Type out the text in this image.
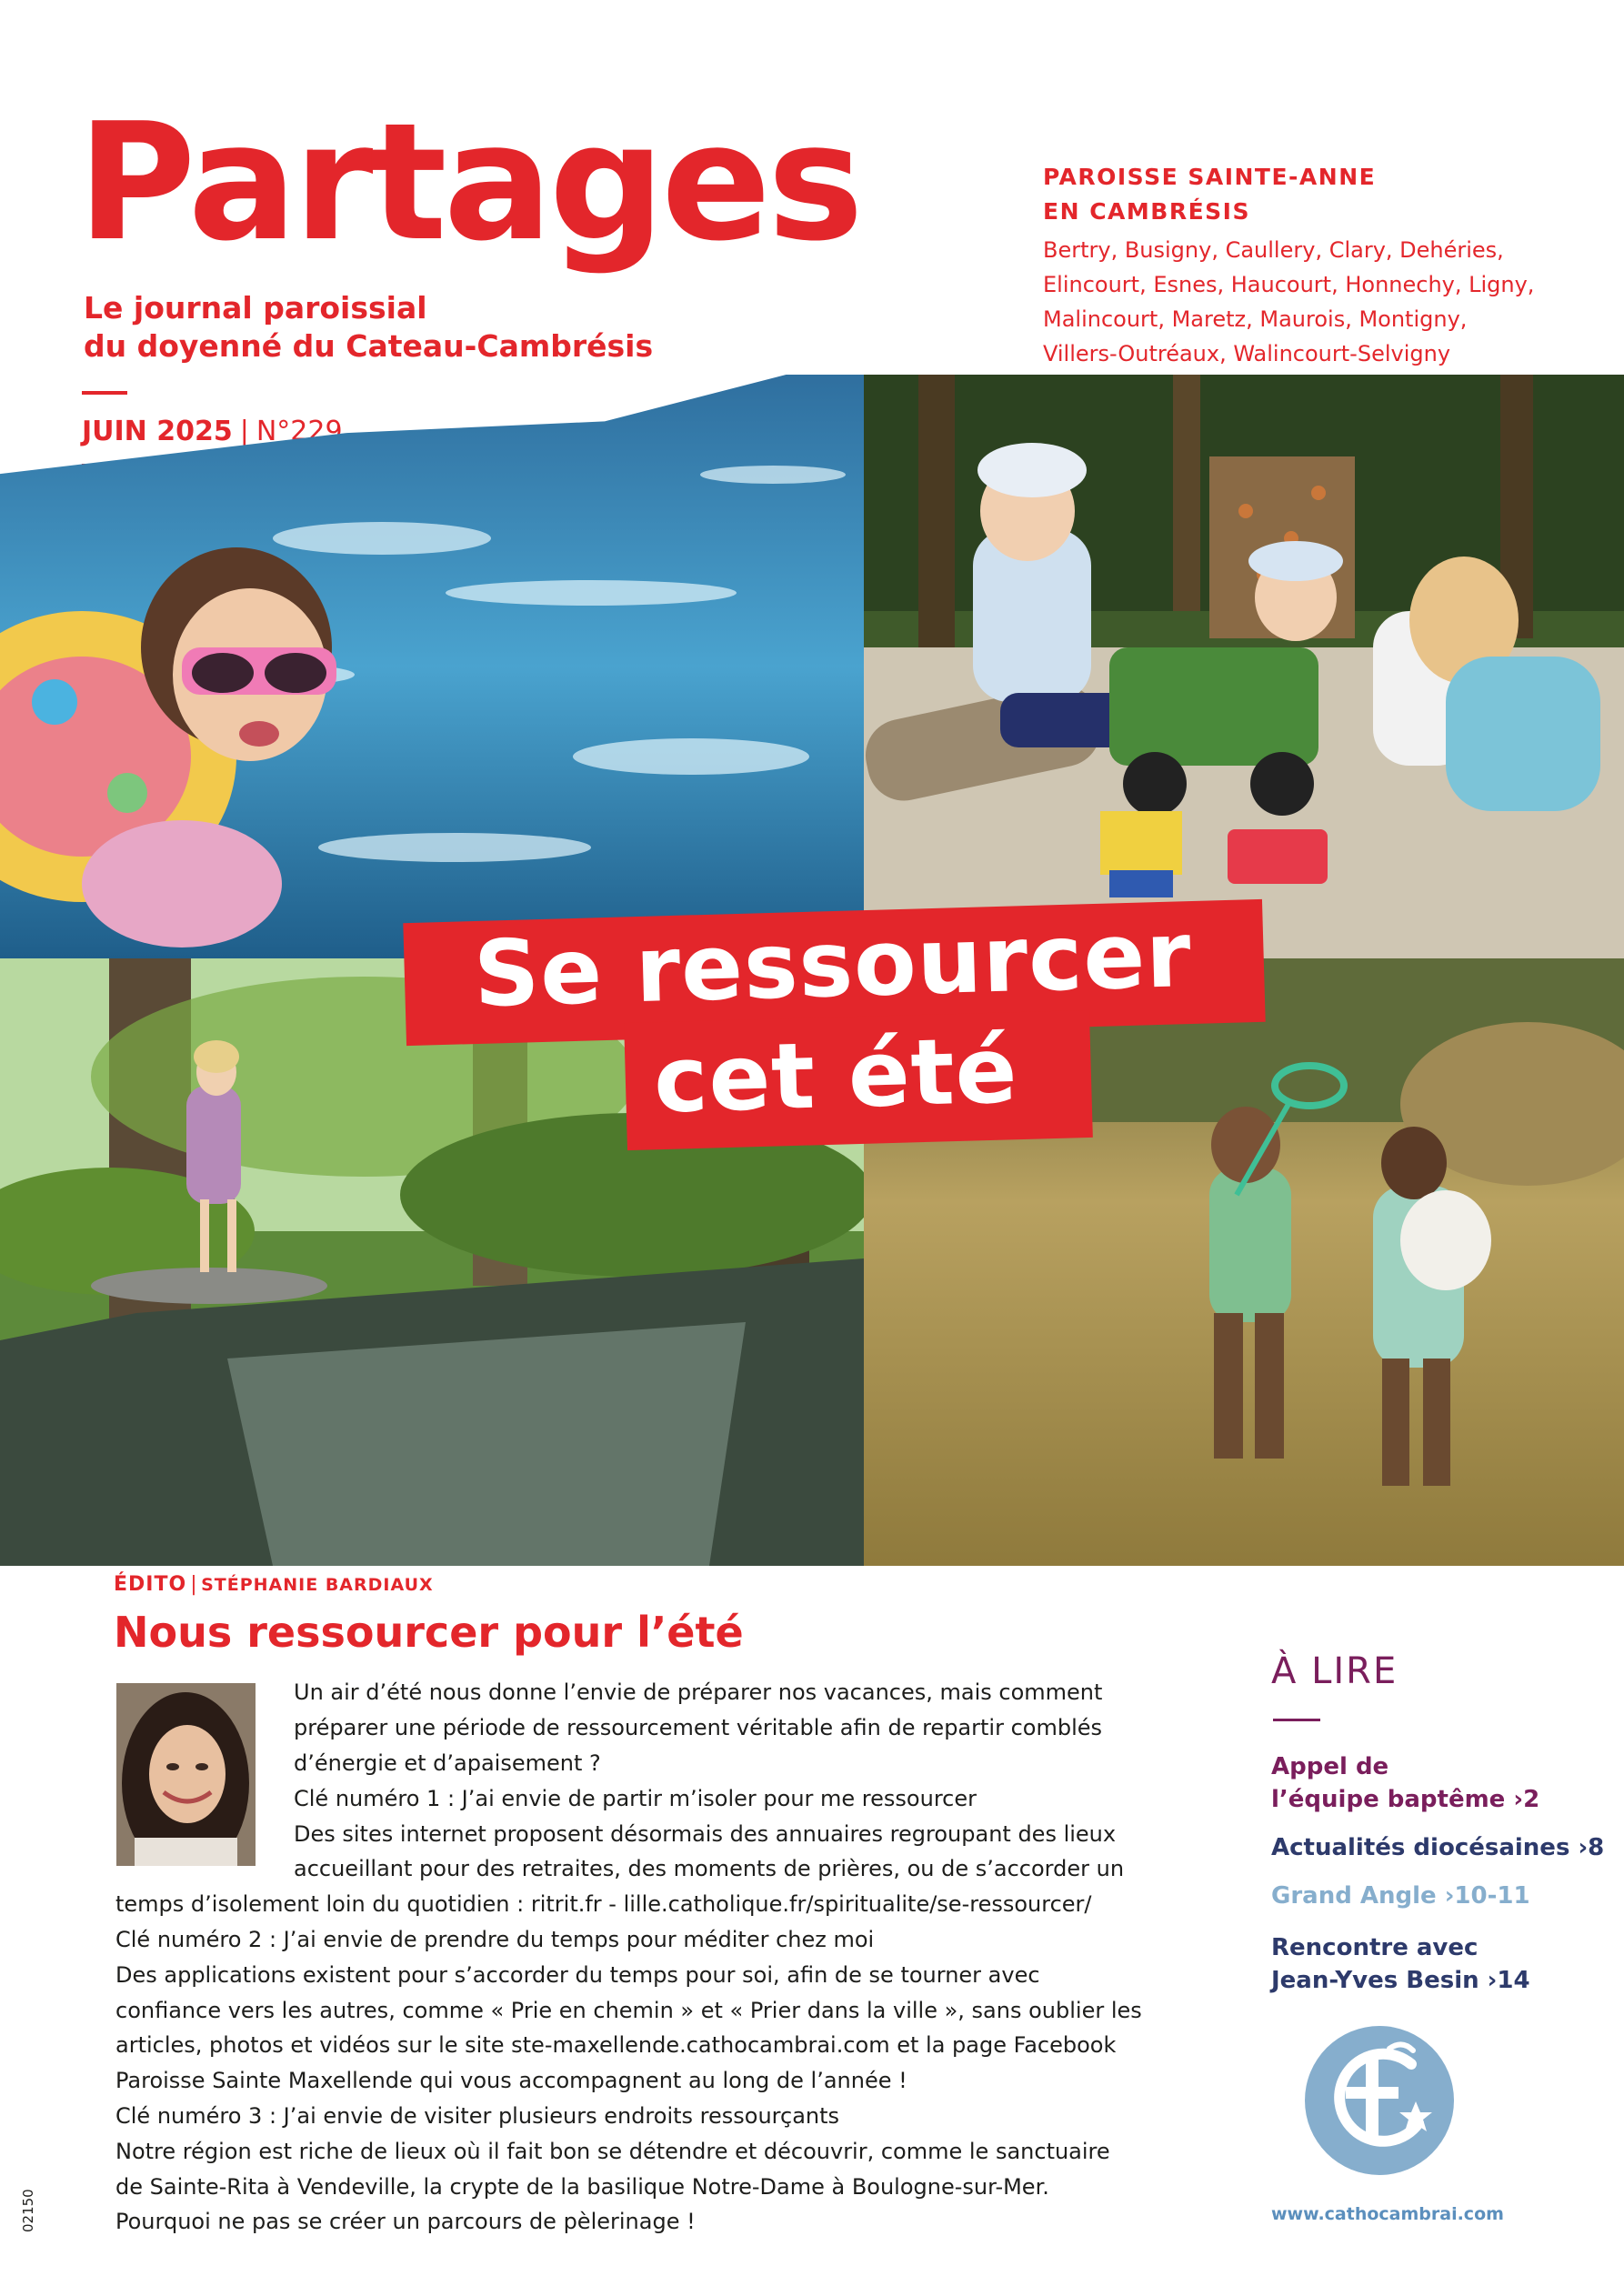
Partages
Le journal paroissial
du doyenné du Cateau-Cambrésis
JUIN 2025 | N°229
PAROISSE SAINTE-ANNE
EN CAMBRÉSIS
Bertry, Busigny, Caullery, Clary, Dehéries,
Elincourt, Esnes, Haucourt, Honnechy, Ligny,
Malincourt, Maretz, Maurois, Montigny,
Villers-Outréaux, Walincourt-Selvigny
Se ressourcer
cet été
ÉDITO | STÉPHANIE BARDIAUX
Nous ressourcer pour l’été
Un air d’été nous donne l’envie de préparer nos vacances, mais comment
préparer une période de ressourcement véritable afin de repartir comblés
d’énergie et d’apaisement ?
Clé numéro 1 : J’ai envie de partir m’isoler pour me ressourcer
Des sites internet proposent désormais des annuaires regroupant des lieux
accueillant pour des retraites, des moments de prières, ou de s’accorder un
temps d’isolement loin du quotidien : ritrit.fr - lille.catholique.fr/spiritualite/se-ressourcer/
Clé numéro 2 : J’ai envie de prendre du temps pour méditer chez moi
Des applications existent pour s’accorder du temps pour soi, afin de se tourner avec
confiance vers les autres, comme « Prie en chemin » et « Prier dans la ville », sans oublier les
articles, photos et vidéos sur le site ste-maxellende.cathocambrai.com et la page Facebook
Paroisse Sainte Maxellende qui vous accompagnent au long de l’année !
Clé numéro 3 : J’ai envie de visiter plusieurs endroits ressourçants
Notre région est riche de lieux où il fait bon se détendre et découvrir, comme le sanctuaire
de Sainte-Rita à Vendeville, la crypte de la basilique Notre-Dame à Boulogne-sur-Mer.
Pourquoi ne pas se créer un parcours de pèlerinage !
À LIRE
Appel de
l’équipe baptême ›2
Actualités diocésaines ›8
Grand Angle ›10-11
Rencontre avec
Jean-Yves Besin ›14
www.cathocambrai.com
02150
